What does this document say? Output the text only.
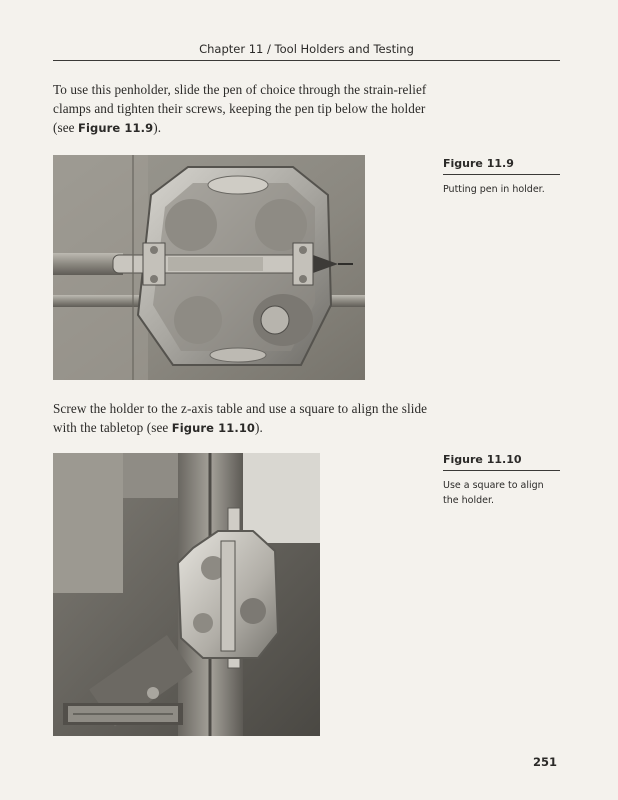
Chapter 11 / Tool Holders and Testing

To use this penholder, slide the pen of choice through the strain-relief clamps and tighten their screws, keeping the pen tip below the holder (see Figure 11.9).

Figure 11.9
Putting pen in holder.

Screw the holder to the z-axis table and use a square to align the slide with the tabletop (see Figure 11.10).

Figure 11.10
Use a square to align the holder.
251
